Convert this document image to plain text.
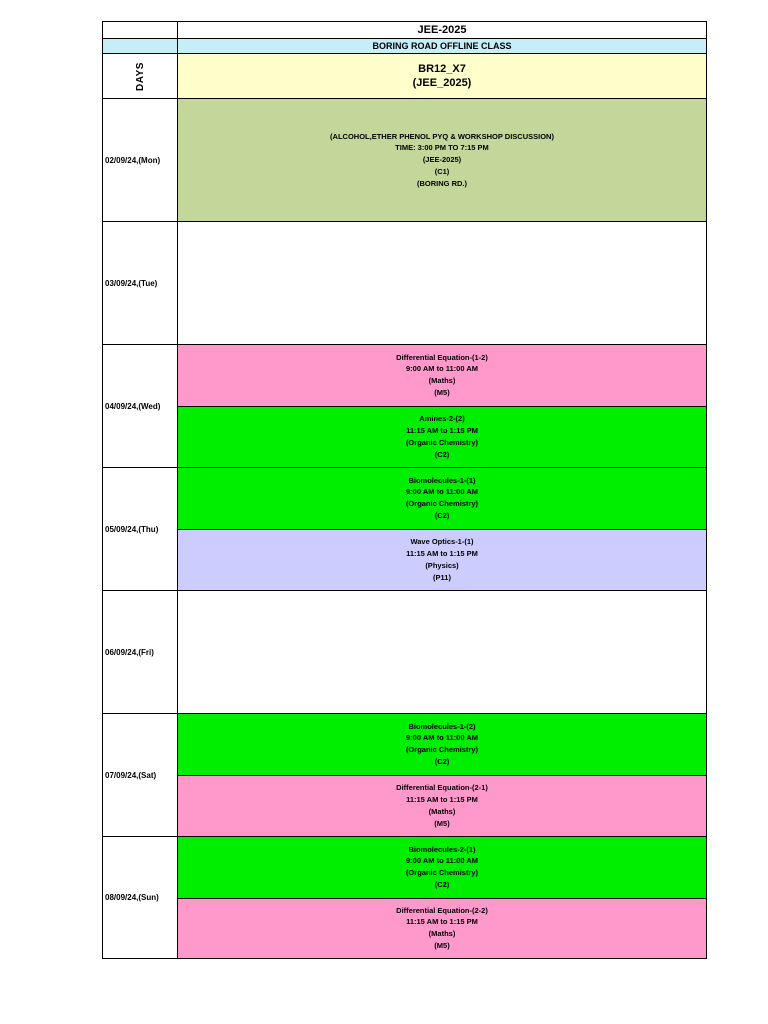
JEE-2025
BORING ROAD OFFLINE CLASS
DAYS	BR12_X7
(JEE_2025)
02/09/24,(Mon)
(ALCOHOL,ETHER PHENOL PYQ & WORKSHOP DISCUSSION)
TIME: 3:00 PM TO 7:15 PM
(JEE-2025)
(C1)
(BORING RD.)
03/09/24,(Tue)
04/09/24,(Wed)
Differential Equation-(1-2)
9:00 AM to 11:00 AM
(Maths)
(M5)
Amines-2-(2)
11:15 AM to 1:15 PM
(Organic Chemistry)
(C2)
05/09/24,(Thu)
Biomolecules-1-(1)
9:00 AM to 11:00 AM
(Organic Chemistry)
(C2)
Wave Optics-1-(1)
11:15 AM to 1:15 PM
(Physics)
(P11)
06/09/24,(Fri)
07/09/24,(Sat)
Biomolecules-1-(2)
9:00 AM to 11:00 AM
(Organic Chemistry)
(C2)
Differential Equation-(2-1)
11:15 AM to 1:15 PM
(Maths)
(M5)
08/09/24,(Sun)
Biomolecules-2-(1)
9:00 AM to 11:00 AM
(Organic Chemistry)
(C2)
Differential Equation-(2-2)
11:15 AM to 1:15 PM
(Maths)
(M5)
